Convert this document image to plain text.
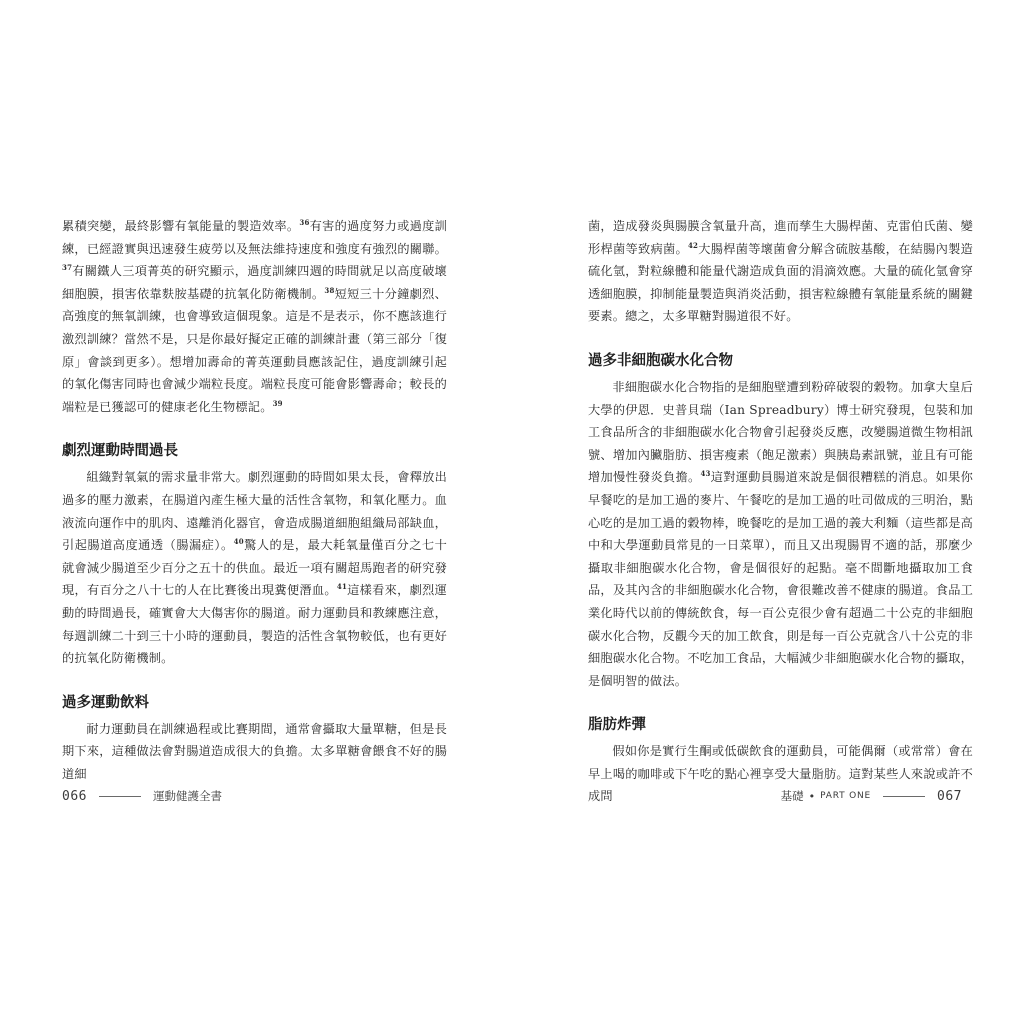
累積突變，最終影響有氧能量的製造效率。$^{36}$有害的過度努力或過度訓練，已經證實與迅速發生疲勞以及無法維持速度和強度有強烈的關聯。$^{37}$有關鐵人三項菁英的研究顯示，過度訓練四週的時間就足以高度破壞細胞膜，損害依靠麩胺基礎的抗氧化防衛機制。$^{38}$短短三十分鐘劇烈、高強度的無氧訓練，也會導致這個現象。這是不是表示，你不應該進行激烈訓練？當然不是，只是你最好擬定正確的訓練計畫（第三部分「復原」會談到更多）。想增加壽命的菁英運動員應該記住，過度訓練引起的氧化傷害同時也會減少端粒長度。端粒長度可能會影響壽命；較長的端粒是已獲認可的健康老化生物標記。$^{39}$

劇烈運動時間過長

組織對氧氣的需求量非常大。劇烈運動的時間如果太長，會釋放出過多的壓力激素，在腸道內產生極大量的活性含氧物，和氧化壓力。血液流向運作中的肌肉、遠離消化器官，會造成腸道細胞組織局部缺血，引起腸道高度通透（腸漏症）。$^{40}$驚人的是，最大耗氧量僅百分之七十就會減少腸道至少百分之五十的供血。最近一項有關超馬跑者的研究發現，有百分之八十七的人在比賽後出現糞便潛血。$^{41}$這樣看來，劇烈運動的時間過長，確實會大大傷害你的腸道。耐力運動員和教練應注意，每週訓練二十到三十小時的運動員，製造的活性含氧物較低，也有更好的抗氧化防衛機制。

過多運動飲料

耐力運動員在訓練過程或比賽期間，通常會攝取大量單糖，但是長期下來，這種做法會對腸道造成很大的負擔。太多單糖會餵食不好的腸道細

066	運動健護全書

菌，造成發炎與腸膜含氧量升高，進而孳生大腸桿菌、克雷伯氏菌、變形桿菌等致病菌。$^{42}$大腸桿菌等壞菌會分解含硫胺基酸，在結腸內製造硫化氫，對粒線體和能量代謝造成負面的涓滴效應。大量的硫化氫會穿透細胞膜，抑制能量製造與消炎活動，損害粒線體有氧能量系統的關鍵要素。總之，太多單糖對腸道很不好。

過多非細胞碳水化合物

非細胞碳水化合物指的是細胞壁遭到粉碎破裂的穀物。加拿大皇后大學的伊恩．史普貝瑞（Ian Spreadbury）博士研究發現，包裝和加工食品所含的非細胞碳水化合物會引起發炎反應，改變腸道微生物相訊號、增加內臟脂肪、損害瘦素（飽足激素）與胰島素訊號，並且有可能增加慢性發炎負擔。$^{43}$這對運動員腸道來說是個很糟糕的消息。如果你早餐吃的是加工過的麥片、午餐吃的是加工過的吐司做成的三明治，點心吃的是加工過的穀物棒，晚餐吃的是加工過的義大利麵（這些都是高中和大學運動員常見的一日菜單），而且又出現腸胃不適的話，那麼少攝取非細胞碳水化合物，會是個很好的起點。毫不間斷地攝取加工食品，及其內含的非細胞碳水化合物，會很難改善不健康的腸道。食品工業化時代以前的傳統飲食，每一百公克很少會有超過二十公克的非細胞碳水化合物，反觀今天的加工飲食，則是每一百公克就含八十公克的非細胞碳水化合物。不吃加工食品，大幅減少非細胞碳水化合物的攝取，是個明智的做法。

脂肪炸彈

假如你是實行生酮或低碳飲食的運動員，可能偶爾（或常常）會在早上喝的咖啡或下午吃的點心裡享受大量脂肪。這對某些人來說或許不成問	基礎 • PART ONE	067
